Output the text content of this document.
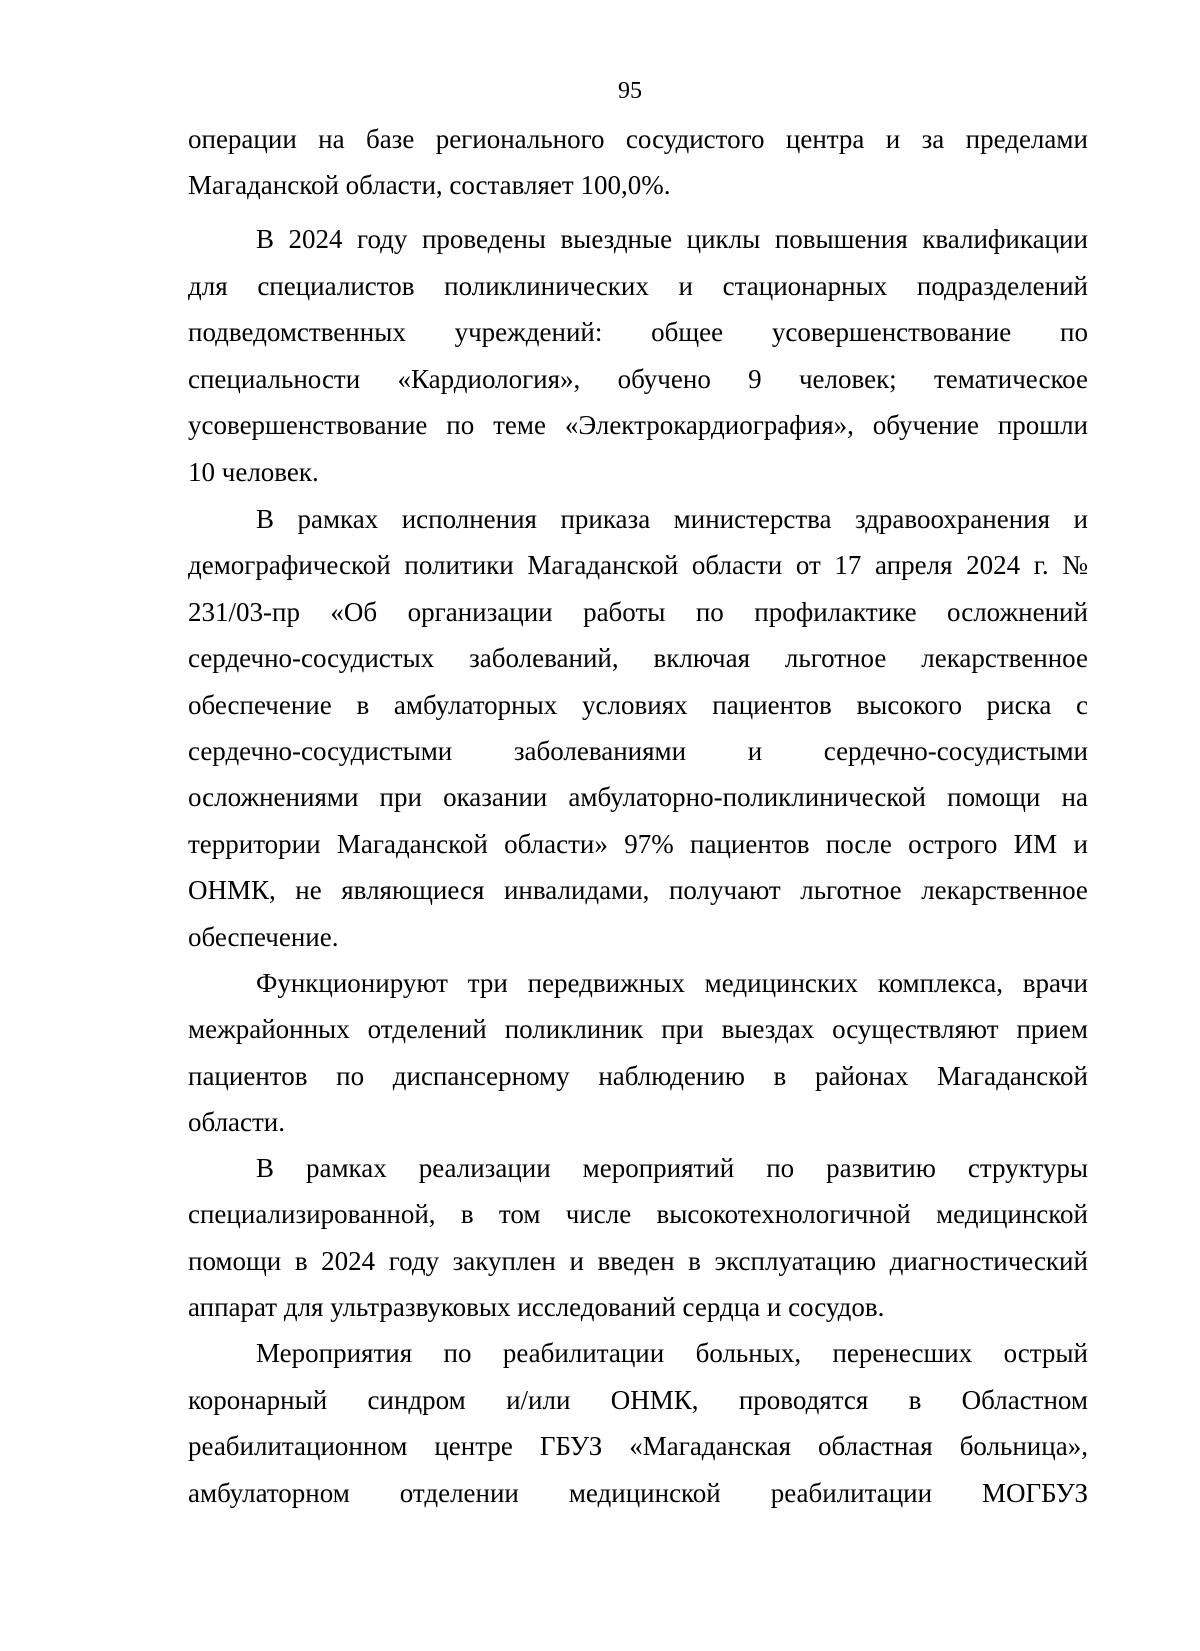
95
операции на базе регионального сосудистого центра и за пределами
Магаданской области, составляет 100,0%.
В 2024 году проведены выездные циклы повышения квалификации
для специалистов поликлинических и стационарных подразделений
подведомственных учреждений: общее усовершенствование по
специальности «Кардиология», обучено 9 человек; тематическое
усовершенствование по теме «Электрокардиография», обучение прошли
10 человек.
В рамках исполнения приказа министерства здравоохранения и
демографической политики Магаданской области от 17 апреля 2024 г. №
231/03-пр «Об организации работы по профилактике осложнений
сердечно-сосудистых заболеваний, включая льготное лекарственное
обеспечение в амбулаторных условиях пациентов высокого риска с
сердечно-сосудистыми заболеваниями и сердечно-сосудистыми
осложнениями при оказании амбулаторно-поликлинической помощи на
территории Магаданской области» 97% пациентов после острого ИМ и
ОНМК, не являющиеся инвалидами, получают льготное лекарственное
обеспечение.
Функционируют три передвижных медицинских комплекса, врачи
межрайонных отделений поликлиник при выездах осуществляют прием
пациентов по диспансерному наблюдению в районах Магаданской
области.
В рамках реализации мероприятий по развитию структуры
специализированной, в том числе высокотехнологичной медицинской
помощи в 2024 году закуплен и введен в эксплуатацию диагностический
аппарат для ультразвуковых исследований сердца и сосудов.
Мероприятия по реабилитации больных, перенесших острый
коронарный синдром и/или ОНМК, проводятся в Областном
реабилитационном центре ГБУЗ «Магаданская областная больница»,
амбулаторном отделении медицинской реабилитации МОГБУЗ
